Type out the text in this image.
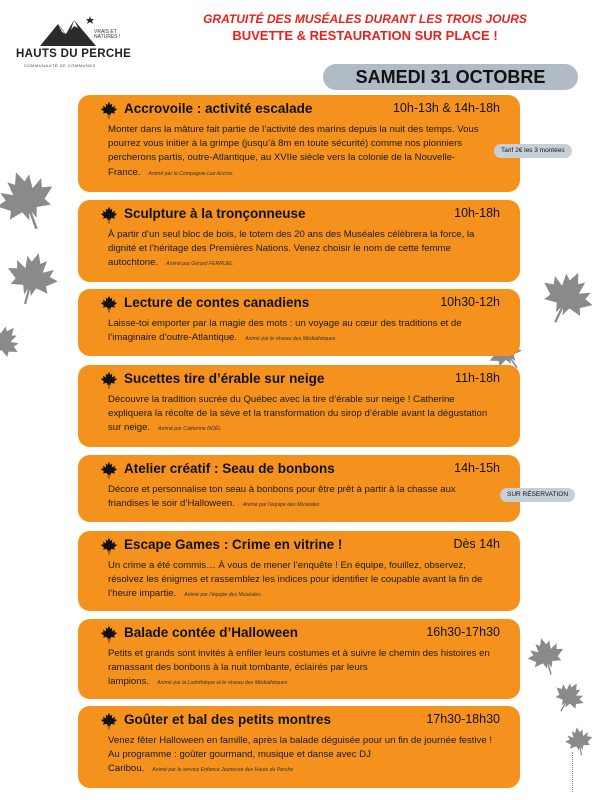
VRAIS ET NATURES !
HAUTS DU PERCHE
COMMUNAUTÉ DE COMMUNES
GRATUITÉ DES MUSÉALES DURANT LES TROIS JOURS
BUVETTE & RESTAURATION SUR PLACE !
SAMEDI 31 OCTOBRE
Accrovoile : activité escalade	10h-13h & 14h-18h
Monter dans la mâture fait partie de l’activité des marins depuis la nuit des temps. Vous pourrez vous initier à la grimpe (jusqu’à 8m en toute sécurité) comme nos pionniers percherons partis, outre-Atlantique, au XVIIe siècle vers la colonie de la Nouvelle-France. Animé par la Compagnie Lez Accros
Tarif 2€ les 3 montées
Sculpture à la tronçonneuse	10h-18h
À partir d’un seul bloc de bois, le totem des 20 ans des Muséales célèbrera la force, la dignité et l’héritage des Premières Nations. Venez choisir le nom de cette femme autochtone. Animé par Gérard FERRUEL
Lecture de contes canadiens	10h30-12h
Laisse-toi emporter par la magie des mots : un voyage au cœur des traditions et de l’imaginaire d’outre-Atlantique. Animé par le réseau des Médiathèques
Sucettes tire d’érable sur neige	11h-18h
Découvre la tradition sucrée du Québec avec la tire d’érable sur neige ! Catherine expliquera la récolte de la sève et la transformation du sirop d’érable avant la dégustation sur neige. Animé par Catherine NOËL
Atelier créatif : Seau de bonbons	14h-15h
Décore et personnalise ton seau à bonbons pour être prêt à partir à la chasse aux friandises le soir d’Halloween. Animé par l’équipe des Muséales
SUR RÉSERVATION
Escape Games : Crime en vitrine !	Dès 14h
Un crime a été commis… À vous de mener l’enquête ! En équipe, fouillez, observez, résolvez les énigmes et rassemblez les indices pour identifier le coupable avant la fin de l’heure impartie. Animé par l’équipe des Muséales
Balade contée d’Halloween	16h30-17h30
Petits et grands sont invités à enfiler leurs costumes et à suivre le chemin des histoires en ramassant des bonbons à la nuit tombante, éclairés par leurs lampions. Animé par la Ludothèque et le réseau des Médiathèques
Goûter et bal des petits montres	17h30-18h30
Venez fêter Halloween en famille, après la balade déguisée pour un fin de journée festive ! Au programme : goûter gourmand, musique et danse avec DJ Caribou. Animé par le service Enfance Jeunesse des Hauts du Perche
